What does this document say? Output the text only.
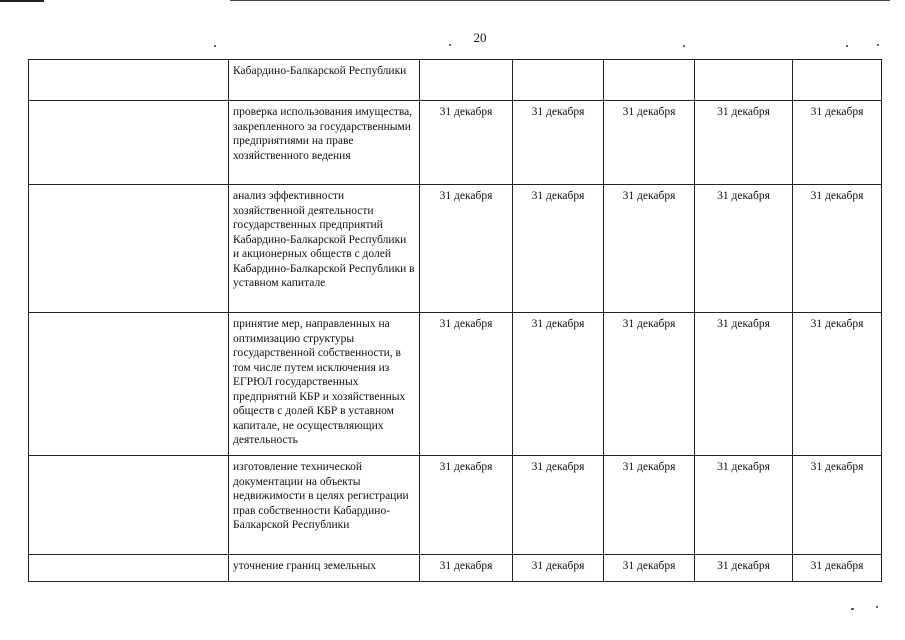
20
	Кабардино-Балкарской Республики					
	проверка использования имущества, закрепленного за государственными предприятиями на праве хозяйственного ведения	31 декабря	31 декабря	31 декабря	31 декабря	31 декабря
	анализ эффективности хозяйственной деятельности государственных предприятий Кабардино-Балкарской Республики и акционерных обществ с долей Кабардино-Балкарской Республики в уставном капитале	31 декабря	31 декабря	31 декабря	31 декабря	31 декабря
	принятие мер, направленных на оптимизацию структуры государственной собственности, в том числе путем исключения из ЕГРЮЛ государственных предприятий КБР и хозяйственных обществ с долей КБР в уставном капитале, не осуществляющих деятельность	31 декабря	31 декабря	31 декабря	31 декабря	31 декабря
	изготовление технической документации на объекты недвижимости в целях регистрации прав собственности Кабардино-Балкарской Республики	31 декабря	31 декабря	31 декабря	31 декабря	31 декабря
	уточнение границ земельных	31 декабря	31 декабря	31 декабря	31 декабря	31 декабря
